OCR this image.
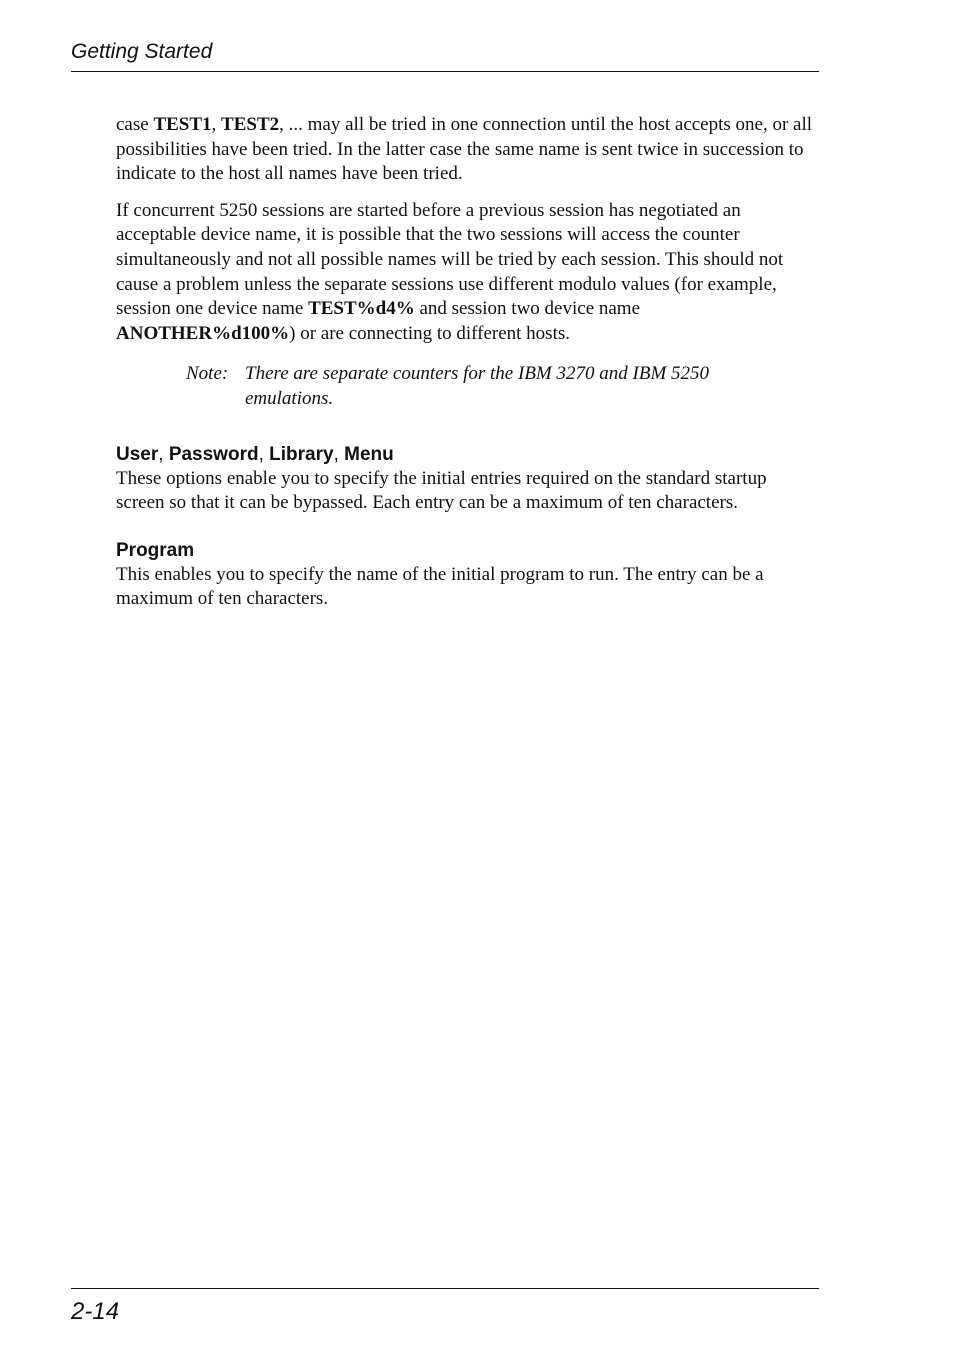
Getting Started

case TEST1, TEST2, ... may all be tried in one connection until the host accepts one, or all possibilities have been tried. In the latter case the same name is sent twice in succession to indicate to the host all names have been tried.

If concurrent 5250 sessions are started before a previous session has negotiated an acceptable device name, it is possible that the two sessions will access the counter simultaneously and not all possible names will be tried by each session. This should not cause a problem unless the separate sessions use different modulo values (for example, session one device name TEST%d4% and session two device name ANOTHER%d100%) or are connecting to different hosts.

Note: There are separate counters for the IBM 3270 and IBM 5250 emulations.
User, Password, Library, Menu

These options enable you to specify the initial entries required on the standard startup screen so that it can be bypassed. Each entry can be a maximum of ten characters.

Program

This enables you to specify the name of the initial program to run. The entry can be a maximum of ten characters.

2-14
